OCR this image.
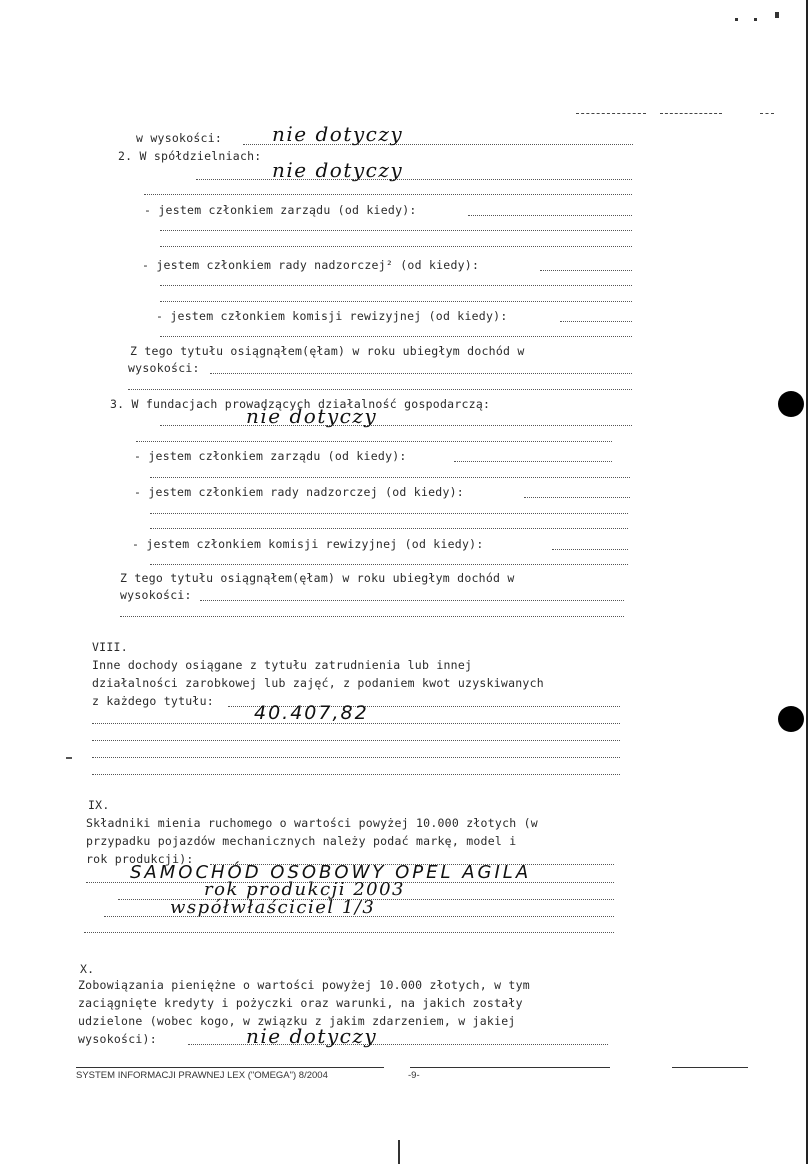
w wysokości: nie dotyczy
2. W spółdzielniach:
nie dotyczy
- jestem członkiem zarządu (od kiedy):
- jestem członkiem rady nadzorczej² (od kiedy):
- jestem członkiem komisji rewizyjnej (od kiedy):
Z tego tytułu osiągnąłem(ęłam) w roku ubiegłym dochód w
wysokości:
3. W fundacjach prowadzących działalność gospodarczą:
nie dotyczy
- jestem członkiem zarządu (od kiedy):
- jestem członkiem rady nadzorczej (od kiedy):
- jestem członkiem komisji rewizyjnej (od kiedy):
Z tego tytułu osiągnąłem(ęłam) w roku ubiegłym dochód w
wysokości:
VIII.
Inne dochody osiągane z tytułu zatrudnienia lub innej
działalności zarobkowej lub zajęć, z podaniem kwot uzyskiwanych
z każdego tytułu:
40.407,82
IX.
Składniki mienia ruchomego o wartości powyżej 10.000 złotych (w
przypadku pojazdów mechanicznych należy podać markę, model i
rok produkcji):
SAMOCHÓD OSOBOWY OPEL AGILA
rok produkcji 2003
współwłaściciel 1/3
X.
Zobowiązania pieniężne o wartości powyżej 10.000 złotych, w tym
zaciągnięte kredyty i pożyczki oraz warunki, na jakich zostały
udzielone (wobec kogo, w związku z jakim zdarzeniem, w jakiej
wysokości):	nie dotyczy
SYSTEM INFORMACJI PRAWNEJ LEX ("OMEGA") 8/2004	-9-
